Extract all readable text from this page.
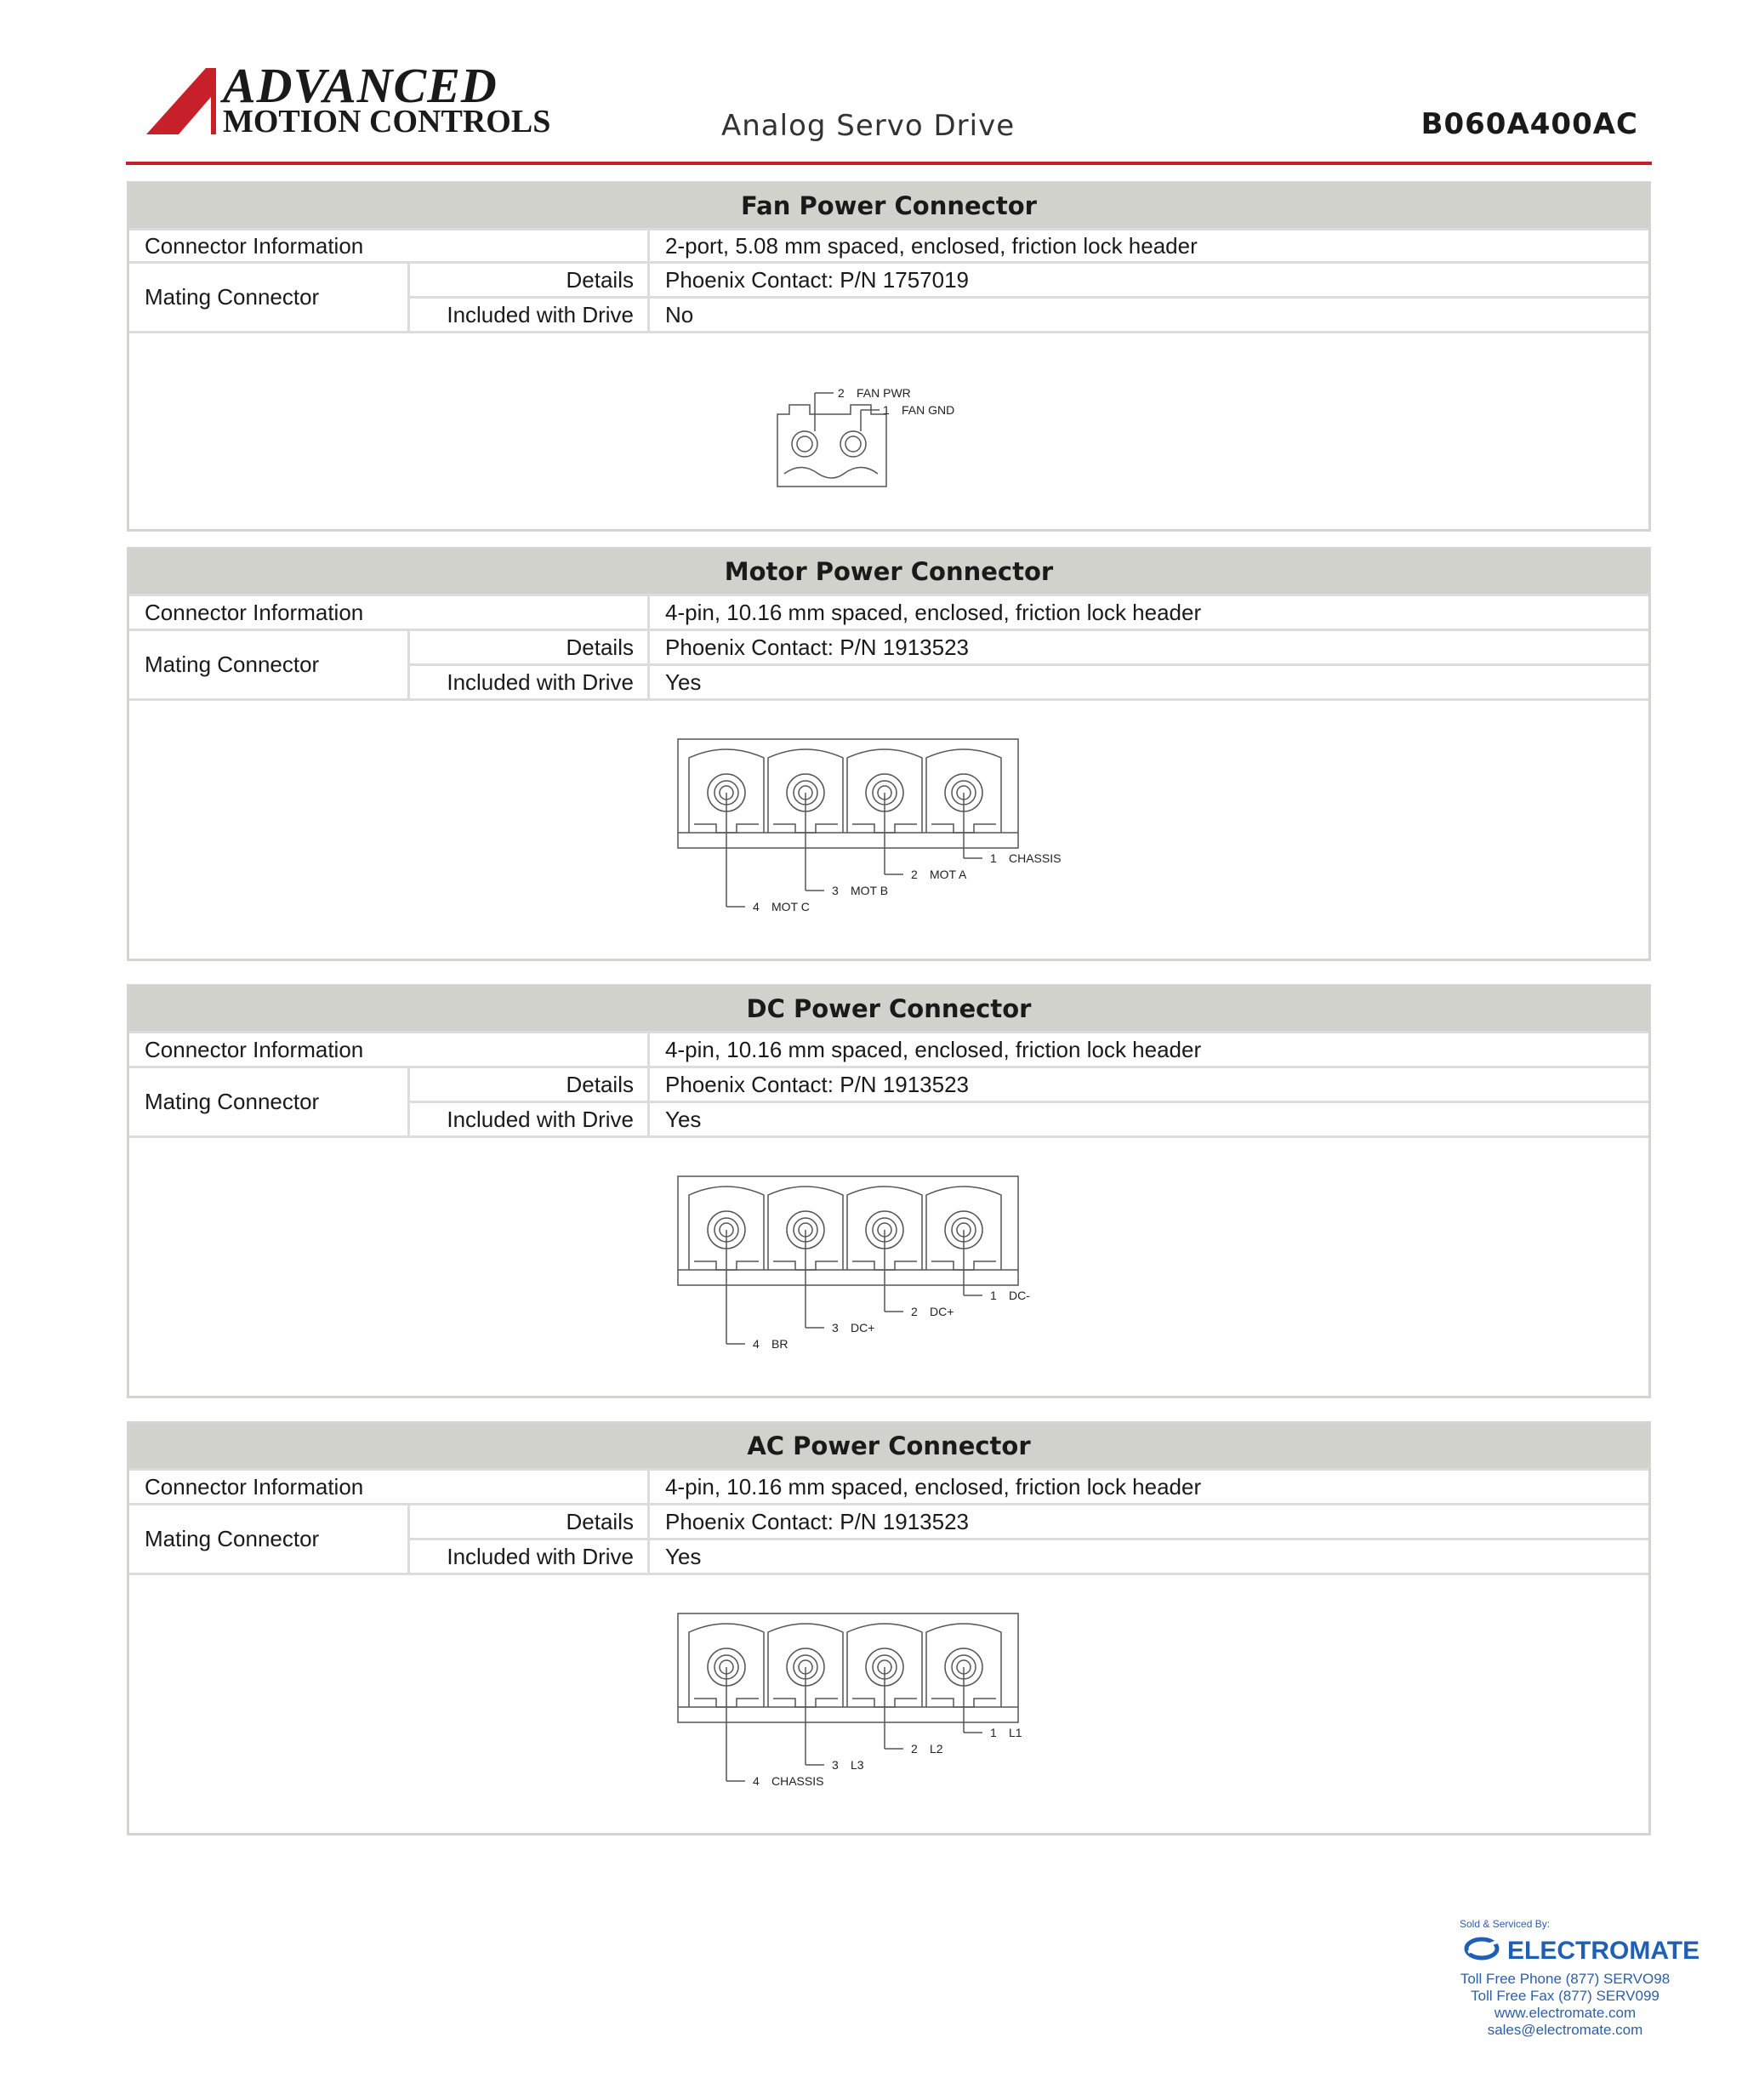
ADVANCED
MOTION CONTROLS	Analog Servo Drive	B060A400AC
Fan Power Connector
Connector Information	2-port, 5.08 mm spaced, enclosed, friction lock header
Mating Connector
Details	Phoenix Contact: P/N 1757019
Included with Drive	No
2 FAN PWR
1 FAN GND
Motor Power Connector
Connector Information	4-pin, 10.16 mm spaced, enclosed, friction lock header
Mating Connector
Details	Phoenix Contact: P/N 1913523
Included with Drive	Yes
1 CHASSIS
2 MOT A
3 MOT B
4 MOT C
DC Power Connector
Connector Information	4-pin, 10.16 mm spaced, enclosed, friction lock header
Mating Connector
Details	Phoenix Contact: P/N 1913523
Included with Drive	Yes
1 DC-
2 DC+
3 DC+
4 BR
AC Power Connector
Connector Information	4-pin, 10.16 mm spaced, enclosed, friction lock header
Mating Connector
Details	Phoenix Contact: P/N 1913523
Included with Drive	Yes
1 L1
2 L2
3 L3
4 CHASSIS
Sold & Serviced By:
ELECTROMATE
Toll Free Phone (877) SERVO98
Toll Free Fax (877) SERV099
www.electromate.com
sales@electromate.com
